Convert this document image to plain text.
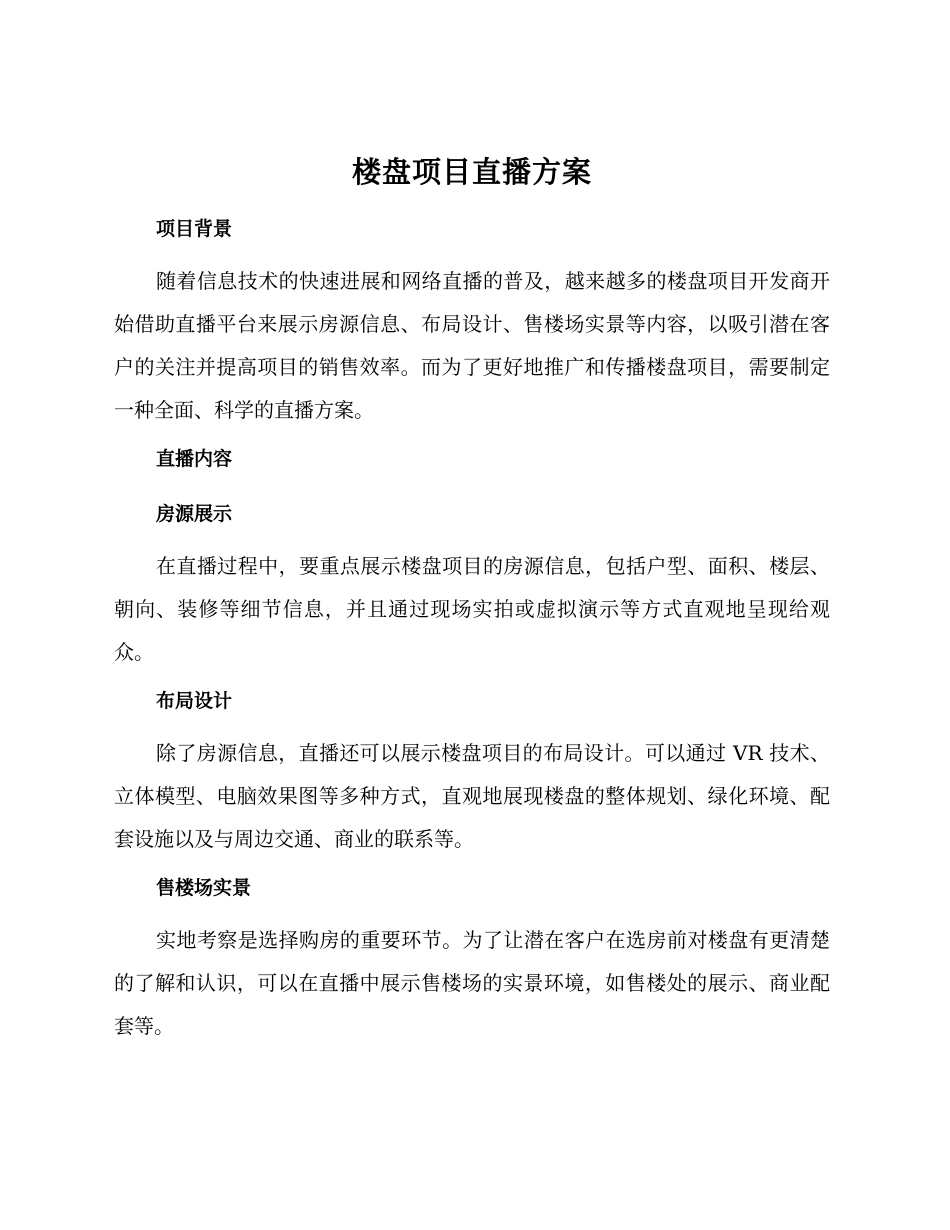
楼盘项目直播方案
项目背景

随着信息技术的快速进展和网络直播的普及，越来越多的楼盘项目开发商开始借助直播平台来展示房源信息、布局设计、售楼场实景等内容，以吸引潜在客户的关注并提高项目的销售效率。而为了更好地推广和传播楼盘项目，需要制定一种全面、科学的直播方案。

直播内容
房源展示

在直播过程中，要重点展示楼盘项目的房源信息，包括户型、面积、楼层、朝向、装修等细节信息，并且通过现场实拍或虚拟演示等方式直观地呈现给观众。

布局设计

除了房源信息，直播还可以展示楼盘项目的布局设计。可以通过 VR 技术、立体模型、电脑效果图等多种方式，直观地展现楼盘的整体规划、绿化环境、配套设施以及与周边交通、商业的联系等。

售楼场实景

实地考察是选择购房的重要环节。为了让潜在客户在选房前对楼盘有更清楚的了解和认识，可以在直播中展示售楼场的实景环境，如售楼处的展示、商业配套等。
